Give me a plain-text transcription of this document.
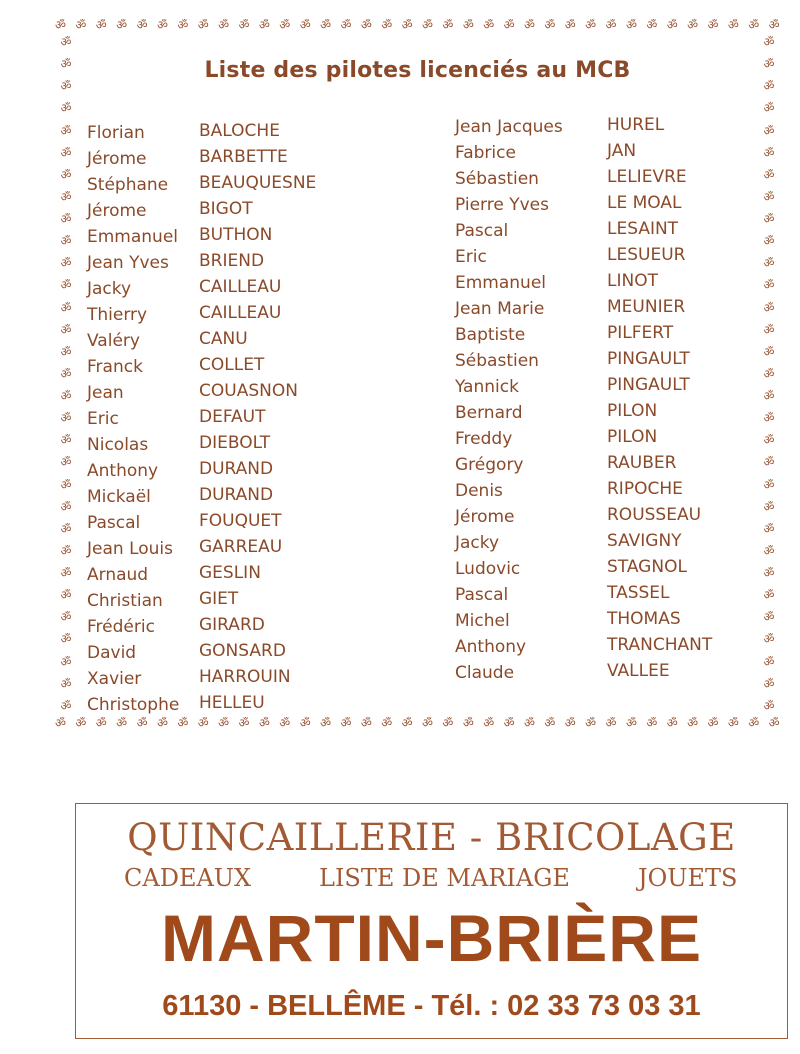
ॐ ॐ ॐ ॐ ॐ ॐ ॐ ॐ ॐ ॐ ॐ ॐ ॐ ॐ ॐ ॐ ॐ ॐ ॐ ॐ ॐ ॐ ॐ ॐ ॐ ॐ ॐ ॐ ॐ ॐ ॐ ॐ ॐ ॐ ॐ ॐ
ॐ ॐ ॐ ॐ ॐ ॐ ॐ ॐ ॐ ॐ ॐ ॐ ॐ ॐ ॐ ॐ ॐ ॐ ॐ ॐ ॐ ॐ ॐ ॐ ॐ ॐ ॐ ॐ ॐ ॐ ॐ ॐ ॐ ॐ ॐ ॐ
ॐ
ॐ
ॐ
ॐ
ॐ
ॐ
ॐ
ॐ
ॐ
ॐ
ॐ
ॐ
ॐ
ॐ
ॐ
ॐ
ॐ
ॐ
ॐ
ॐ
ॐ
ॐ
ॐ
ॐ
ॐ
ॐ
ॐ
ॐ
ॐ
ॐ
ॐ
ॐ
ॐ
ॐ
ॐ
ॐ
ॐ
ॐ
ॐ
ॐ
ॐ
ॐ
ॐ
ॐ
ॐ
ॐ
ॐ
ॐ
ॐ
ॐ
ॐ
ॐ
ॐ
ॐ
ॐ
ॐ
ॐ
ॐ
ॐ
ॐ
ॐ
ॐ
Liste des pilotes licenciés au MCB
Florian
Jérome
Stéphane
Jérome
Emmanuel
Jean Yves
Jacky
Thierry
Valéry
Franck
Jean
Eric
Nicolas
Anthony
Mickaël
Pascal
Jean Louis
Arnaud
Christian
Frédéric
David
Xavier
Christophe
BALOCHE
BARBETTE
BEAUQUESNE
BIGOT
BUTHON
BRIEND
CAILLEAU
CAILLEAU
CANU
COLLET
COUASNON
DEFAUT
DIEBOLT
DURAND
DURAND
FOUQUET
GARREAU
GESLIN
GIET
GIRARD
GONSARD
HARROUIN
HELLEU
Jean Jacques
Fabrice
Sébastien
Pierre Yves
Pascal
Eric
Emmanuel
Jean Marie
Baptiste
Sébastien
Yannick
Bernard
Freddy
Grégory
Denis
Jérome
Jacky
Ludovic
Pascal
Michel
Anthony
Claude
HUREL
JAN
LELIEVRE
LE MOAL
LESAINT
LESUEUR
LINOT
MEUNIER
PILFERT
PINGAULT
PINGAULT
PILON
PILON
RAUBER
RIPOCHE
ROUSSEAU
SAVIGNY
STAGNOL
TASSEL
THOMAS
TRANCHANT
VALLEE
QUINCAILLERIE - BRICOLAGE
CADEAUX	LISTE DE MARIAGE	JOUETS
MARTIN-BRIÈRE
61130 - BELLÊME - Tél. : 02 33 73 03 31
